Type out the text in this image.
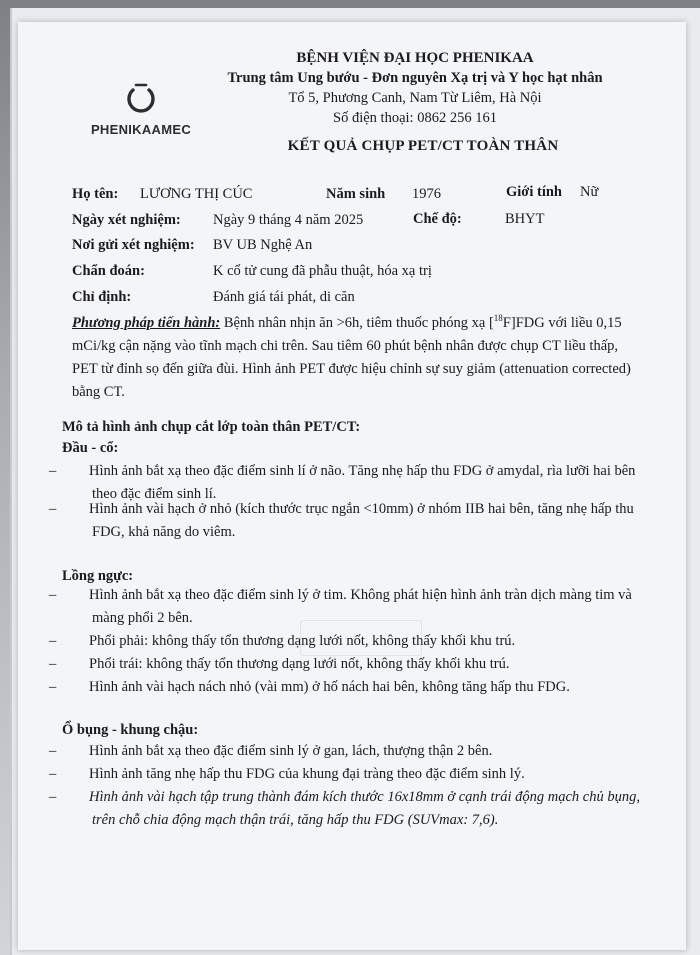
PHENIKAAMEC
BỆNH VIỆN ĐẠI HỌC PHENIKAA
Trung tâm Ung bướu - Đơn nguyên Xạ trị và Y học hạt nhân
Tổ 5, Phương Canh, Nam Từ Liêm, Hà Nội
Số điện thoại: 0862 256 161
KẾT QUẢ CHỤP PET/CT TOÀN THÂN
Họ tên: LƯƠNG THỊ CÚC	Năm sinh 1976	Giới tính Nữ
Ngày xét nghiệm: Ngày 9 tháng 4 năm 2025	Chế độ:	BHYT
Nơi gửi xét nghiệm: BV UB Nghệ An
Chẩn đoán:	K cổ tử cung đã phẫu thuật, hóa xạ trị
Chỉ định:	Đánh giá tái phát, di căn
Phương pháp tiến hành: Bệnh nhân nhịn ăn >6h, tiêm thuốc phóng xạ [$^{18}$F]FDG với liều 0,15 mCi/kg cận nặng vào tĩnh mạch chi trên. Sau tiêm 60 phút bệnh nhân được chụp CT liều thấp, PET từ đỉnh sọ đến giữa đùi. Hình ảnh PET được hiệu chỉnh sự suy giảm (attenuation corrected) bằng CT.
Mô tả hình ảnh chụp cắt lớp toàn thân PET/CT:
Đầu - cổ:
– Hình ảnh bắt xạ theo đặc điểm sinh lí ở não. Tăng nhẹ hấp thu FDG ở amydal, rìa lưỡi hai bên theo đặc điểm sinh lí.
– Hình ảnh vài hạch ở nhỏ (kích thước trục ngắn <10mm) ở nhóm IIB hai bên, tăng nhẹ hấp thu FDG, khả năng do viêm.
Lồng ngực:
– Hình ảnh bắt xạ theo đặc điểm sinh lý ở tim. Không phát hiện hình ảnh tràn dịch màng tim và màng phổi 2 bên.
– Phổi phải: không thấy tổn thương dạng lưới nốt, không thấy khối khu trú.
– Phổi trái: không thấy tổn thương dạng lưới nốt, không thấy khối khu trú.
– Hình ảnh vài hạch nách nhỏ (vài mm) ở hố nách hai bên, không tăng hấp thu FDG.
Ổ bụng - khung chậu:
– Hình ảnh bắt xạ theo đặc điểm sinh lý ở gan, lách, thượng thận 2 bên.
– Hình ảnh tăng nhẹ hấp thu FDG của khung đại tràng theo đặc điểm sinh lý.
– Hình ảnh vài hạch tập trung thành đám kích thước 16x18mm ở cạnh trái động mạch chủ bụng, trên chỗ chia động mạch thận trái, tăng hấp thu FDG (SUVmax: 7,6).
